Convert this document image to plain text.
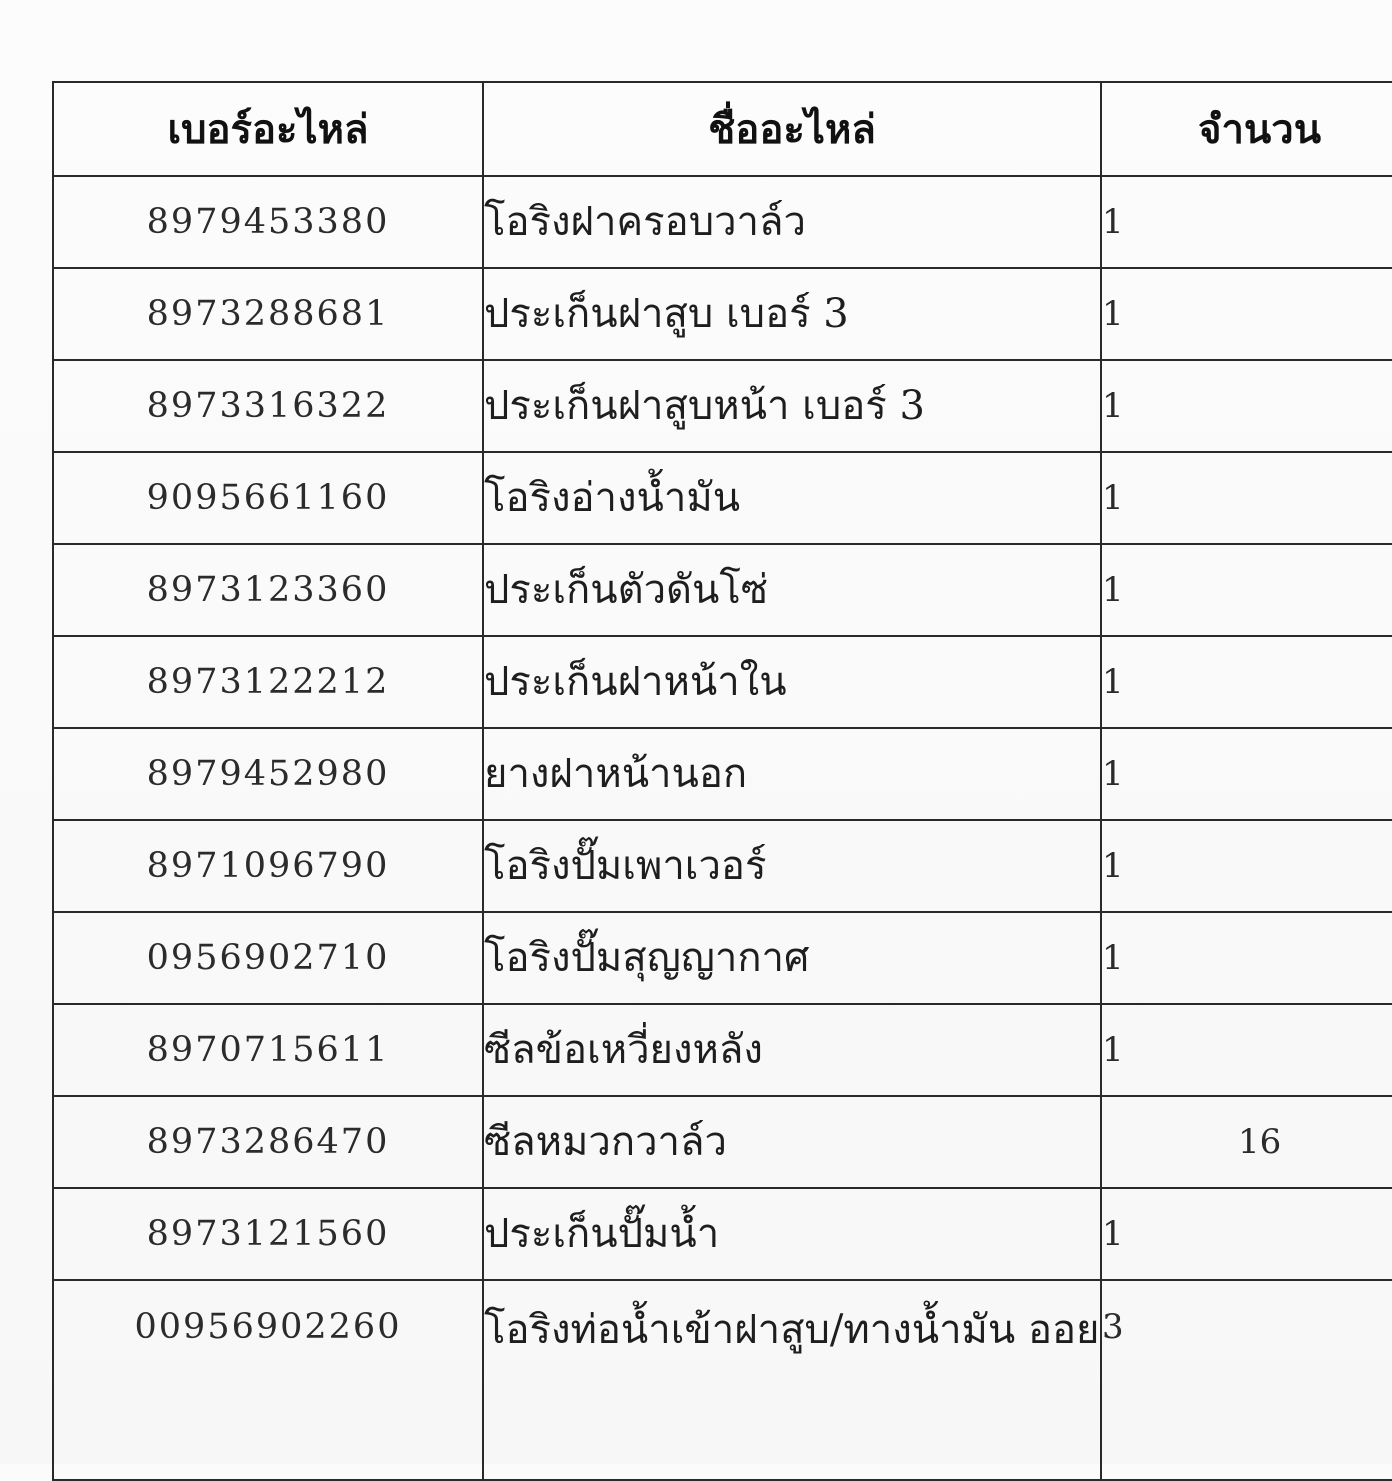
เบอร์อะไหล่	ชื่ออะไหล่	จำนวน
8979453380	โอริงฝาครอบวาล์ว	1
8973288681	ประเก็นฝาสูบ เบอร์ 3	1
8973316322	ประเก็นฝาสูบหน้า เบอร์ 3	1
9095661160	โอริงอ่างน้ำมัน	1
8973123360	ประเก็นตัวดันโซ่	1
8973122212	ประเก็นฝาหน้าใน	1
8979452980	ยางฝาหน้านอก	1
8971096790	โอริงปั๊มเพาเวอร์	1
0956902710	โอริงปั๊มสุญญากาศ	1
8970715611	ซีลข้อเหวี่ยงหลัง	1
8973286470	ซีลหมวกวาล์ว	16
8973121560	ประเก็นปั๊มน้ำ	1
00956902260	โอริงท่อน้ำเข้าฝาสูบ/ทางน้ำมัน ออย	3
